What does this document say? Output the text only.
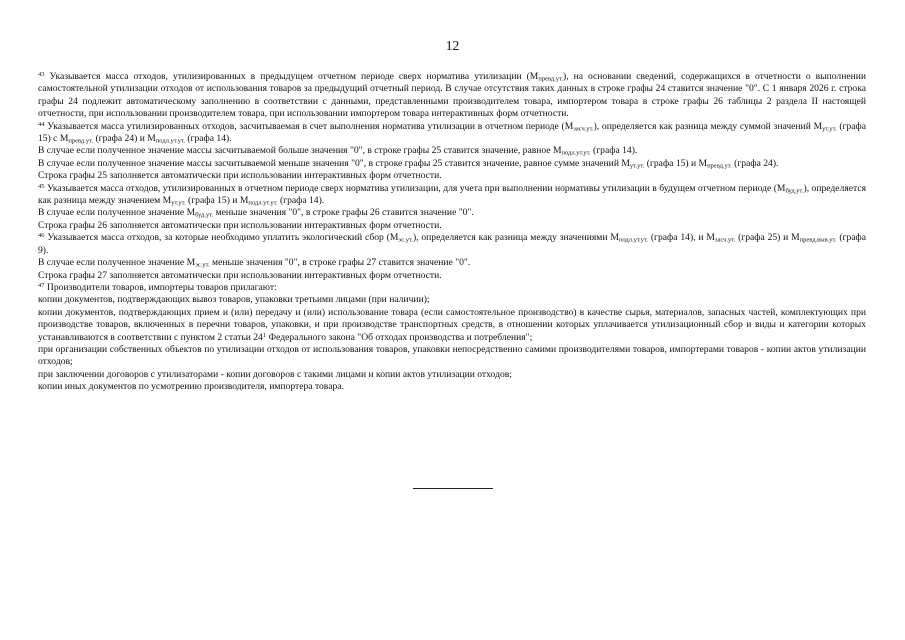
12

$^{43}$ Указывается масса отходов, утилизированных в предыдущем отчетном периоде сверх норматива утилизации $(M_{превд.ут.})$, на основании сведений, содержащихся в отчетности о выполнении самостоятельной утилизации отходов от использования товаров за предыдущий отчетный период. В случае отсутствия таких данных в строке графы 24 ставится значение "0". С 1 января 2026 г. строка графы 24 подлежит автоматическому заполнению в соответствии с данными, представленными производителем товара, импортером товара в строке графы 26 таблицы 2 раздела II настоящей отчетности, при использовании производителем товара, при использовании импортером товара интерактивных форм отчетности.

$^{44}$ Указывается масса утилизированных отходов, засчитываемая в счет выполнения норматива утилизации в отчетном периоде $(M_{засч.ут.})$, определяется как разница между суммой значений $M_{ут.ут.}$ (графа 15) с $M_{превд.ут.}$ (графа 24) и $M_{подл.ут.ут.}$ (графа 14).

В случае если полученное значение массы засчитываемой больше значения "0", в строке графы 25 ставится значение, равное $M_{подл.ут.ут.}$ (графа 14).

В случае если полученное значение массы засчитываемой меньше значения "0", в строке графы 25 ставится значение, равное сумме значений $M_{ут.ут.}$ (графа 15) и $M_{превд.ут.}$ (графа 24).

Строка графы 25 заполняется автоматически при использовании интерактивных форм отчетности.

$^{45}$ Указывается масса отходов, утилизированных в отчетном периоде сверх норматива утилизации, для учета при выполнении нормативы утилизации в будущем отчетном периоде $(M_{буд.ут.})$, определяется как разница между значением $M_{ут.ут.}$ (графа 15) и $M_{подл.ут.ут.}$ (графа 14).

В случае если полученное значение $M_{буд.ут.}$ меньше значения "0", в строке графы 26 ставится значение "0".

Строка графы 26 заполняется автоматически при использовании интерактивных форм отчетности.

$^{46}$ Указывается масса отходов, за которые необходимо уплатить экологический сбор $(M_{эс.ут.})$, определяется как разница между значениями $M_{подл.ут.ут.}$ (графа 14), и $M_{засч.ут.}$ (графа 25) и $M_{превд.выв.ут.}$ (графа 9).

В случае если полученное значение $M_{эс.ут.}$ меньше значения "0", в строке графы 27 ставится значение "0".

Строка графы 27 заполняется автоматически при использовании интерактивных форм отчетности.

$^{47}$ Производители товаров, импортеры товаров прилагают:

копии документов, подтверждающих вывоз товаров, упаковки третьими лицами (при наличии);

копии документов, подтверждающих прием и (или) передачу и (или) использование товара (если самостоятельное производство) в качестве сырья, материалов, запасных частей, комплектующих при производстве товаров, включенных в перечни товаров, упаковки, и при производстве транспортных средств, в отношении которых уплачивается утилизационный сбор и виды и категории которых устанавливаются в соответствии с пунктом 2 статьи $24^1$ Федерального закона "Об отходах производства и потребления";

при организации собственных объектов по утилизации отходов от использования товаров, упаковки непосредственно самими производителями товаров, импортерами товаров - копии актов утилизации отходов;

при заключении договоров с утилизаторами - копии договоров с такими лицами и копии актов утилизации отходов;

копии иных документов по усмотрению производителя, импортера товара.
